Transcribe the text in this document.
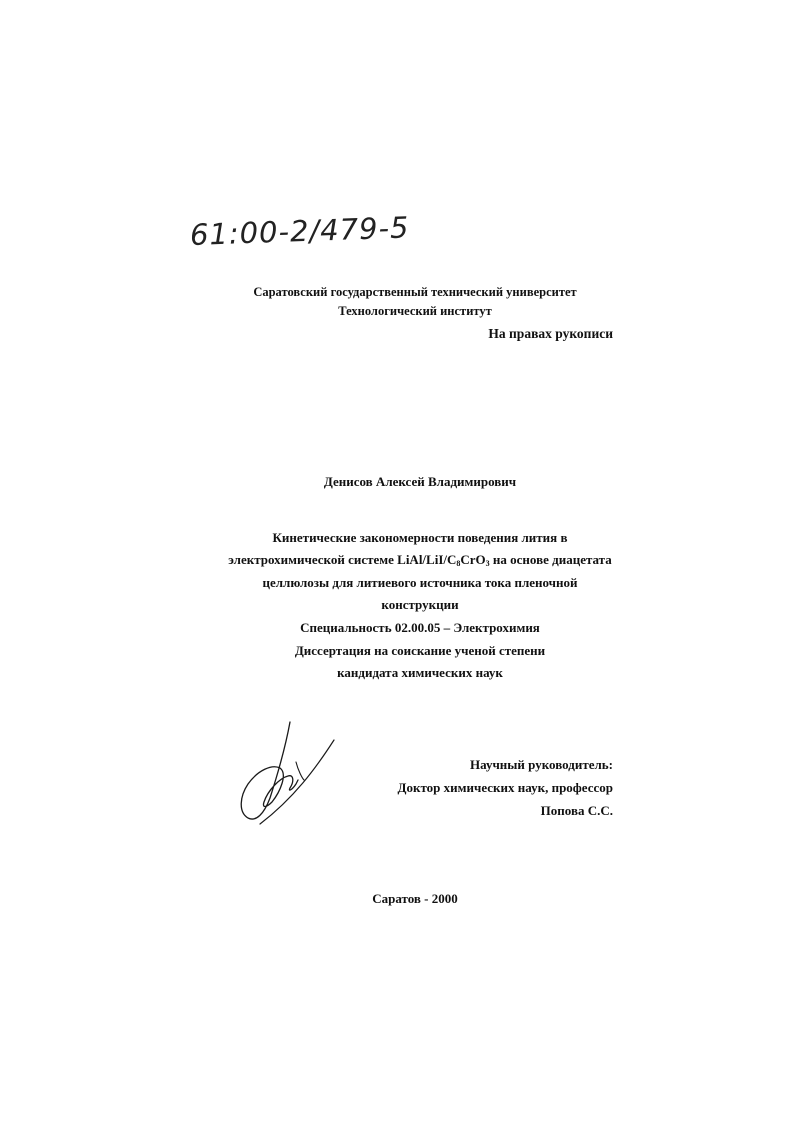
61:00-2/479-5
Саратовский государственный технический университет
Технологический институт
На правах рукописи
Денисов Алексей Владимирович
Кинетические закономерности поведения лития в
электрохимической системе LiAl/$LiI/C_8CrO_3$ на основе диацетата
целлюлозы для литиевого источника тока пленочной
конструкции
Специальность 02.00.05 – Электрохимия
Диссертация на соискание ученой степени
кандидата химических наук
Научный руководитель:
Доктор химических наук, профессор
Попова С.С.
Саратов - 2000
